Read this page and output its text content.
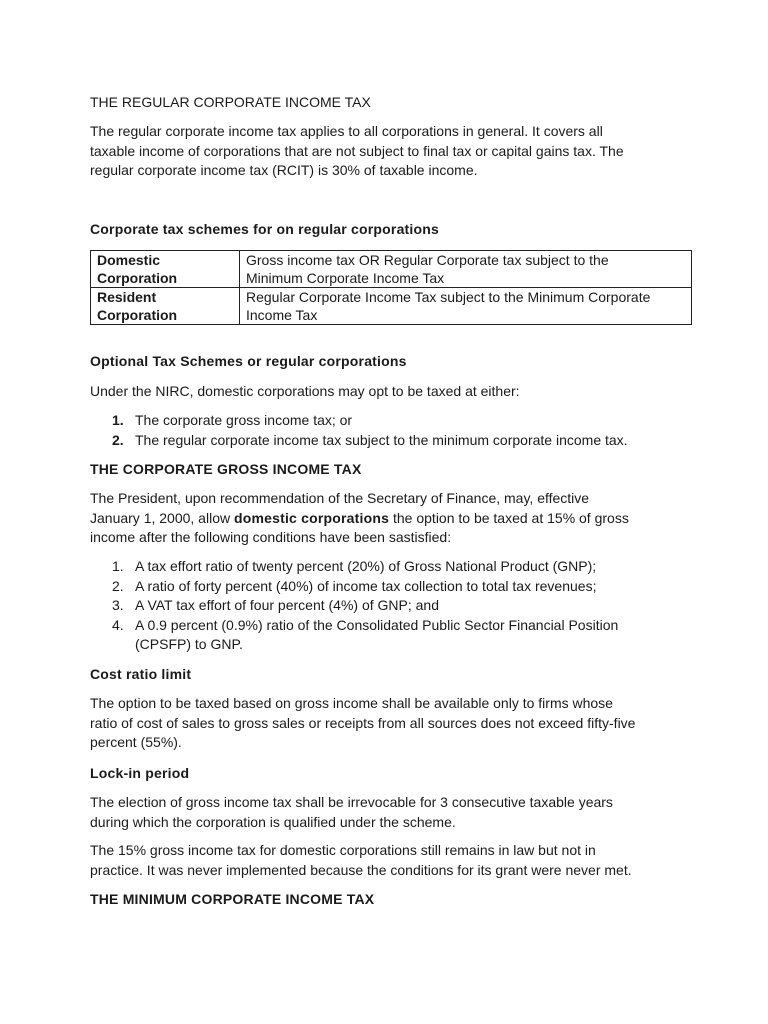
THE REGULAR CORPORATE INCOME TAX

The regular corporate income tax applies to all corporations in general. It covers all
taxable income of corporations that are not subject to final tax or capital gains tax. The
regular corporate income tax (RCIT) is 30% of taxable income.

Corporate tax schemes for on regular corporations

Domestic
Corporation	Gross income tax OR Regular Corporate tax subject to the
Minimum Corporate Income Tax

Resident
Corporation	Regular Corporate Income Tax subject to the Minimum Corporate
Income Tax

Optional Tax Schemes or regular corporations

Under the NIRC, domestic corporations may opt to be taxed at either:

1. The corporate gross income tax; or
2. The regular corporate income tax subject to the minimum corporate income tax.

THE CORPORATE GROSS INCOME TAX

The President, upon recommendation of the Secretary of Finance, may, effective
January 1, 2000, allow domestic corporations the option to be taxed at 15% of gross
income after the following conditions have been sastisfied:

1. A tax effort ratio of twenty percent (20%) of Gross National Product (GNP);
2. A ratio of forty percent (40%) of income tax collection to total tax revenues;
3. A VAT tax effort of four percent (4%) of GNP; and
4. A 0.9 percent (0.9%) ratio of the Consolidated Public Sector Financial Position
(CPSFP) to GNP.

Cost ratio limit

The option to be taxed based on gross income shall be available only to firms whose
ratio of cost of sales to gross sales or receipts from all sources does not exceed fifty-five
percent (55%).

Lock-in period

The election of gross income tax shall be irrevocable for 3 consecutive taxable years
during which the corporation is qualified under the scheme.

The 15% gross income tax for domestic corporations still remains in law but not in
practice. It was never implemented because the conditions for its grant were never met.

THE MINIMUM CORPORATE INCOME TAX
